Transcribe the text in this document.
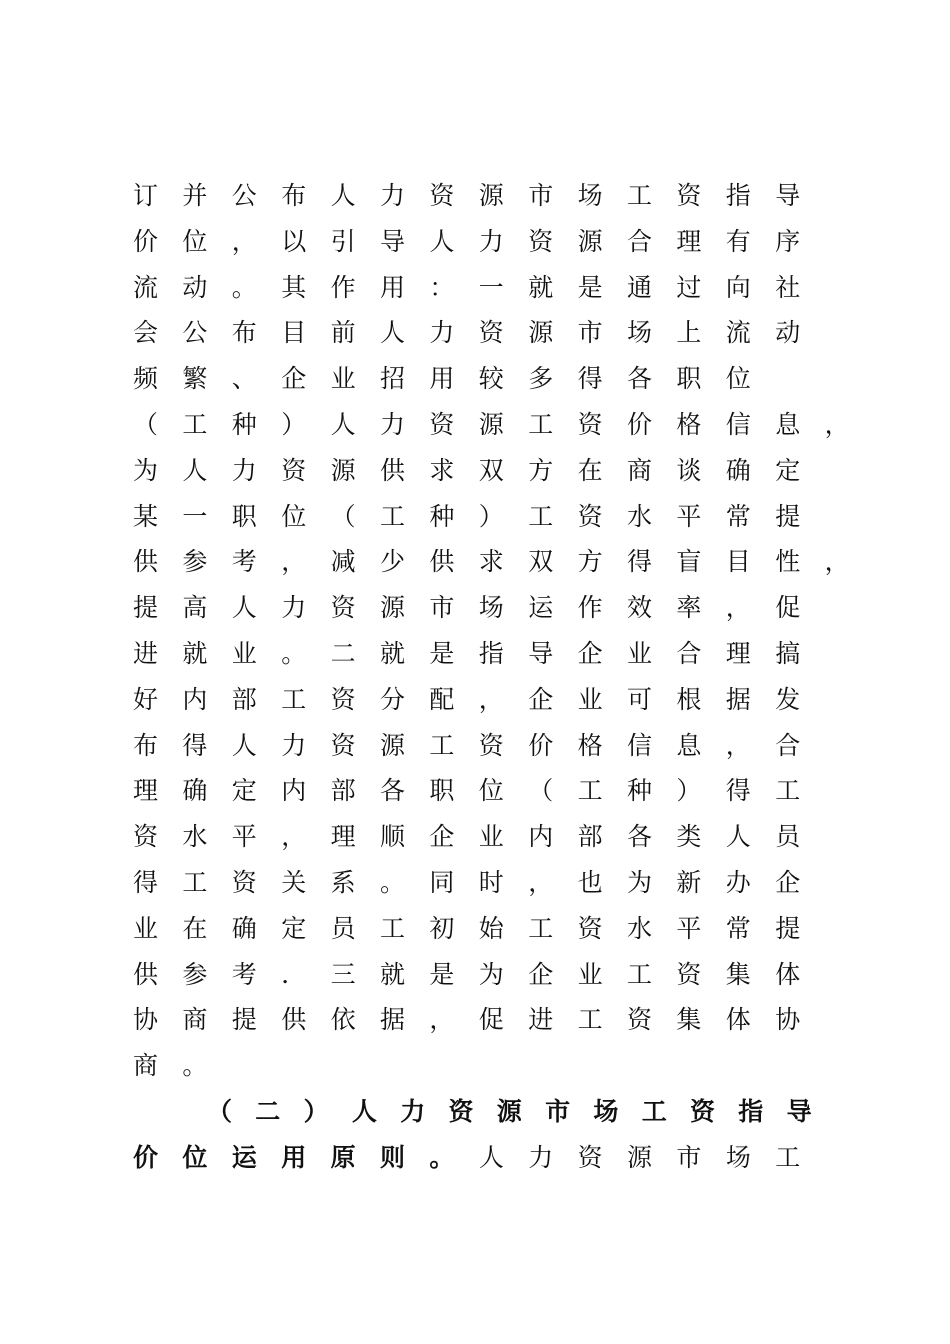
订并公布人力资源市场工资指导
价位，以引导人力资源合理有序
流动。其作用：一就是通过向社
会公布目前人力资源市场上流动
频繁、企业招用较多得各职位
（工种）人力资源工资价格信息，
为人力资源供求双方在商谈确定
某一职位（工种）工资水平常提
供参考，减少供求双方得盲目性，
提高人力资源市场运作效率，促
进就业。二就是指导企业合理搞
好内部工资分配，企业可根据发
布得人力资源工资价格信息，合
理确定内部各职位（工种）得工
资水平，理顺企业内部各类人员
得工资关系。同时，也为新办企
业在确定员工初始工资水平常提
供参考．三就是为企业工资集体
协商提供依据，促进工资集体协
商。
（二）人力资源市场工资指导
价位运用原则。人力资源市场工
